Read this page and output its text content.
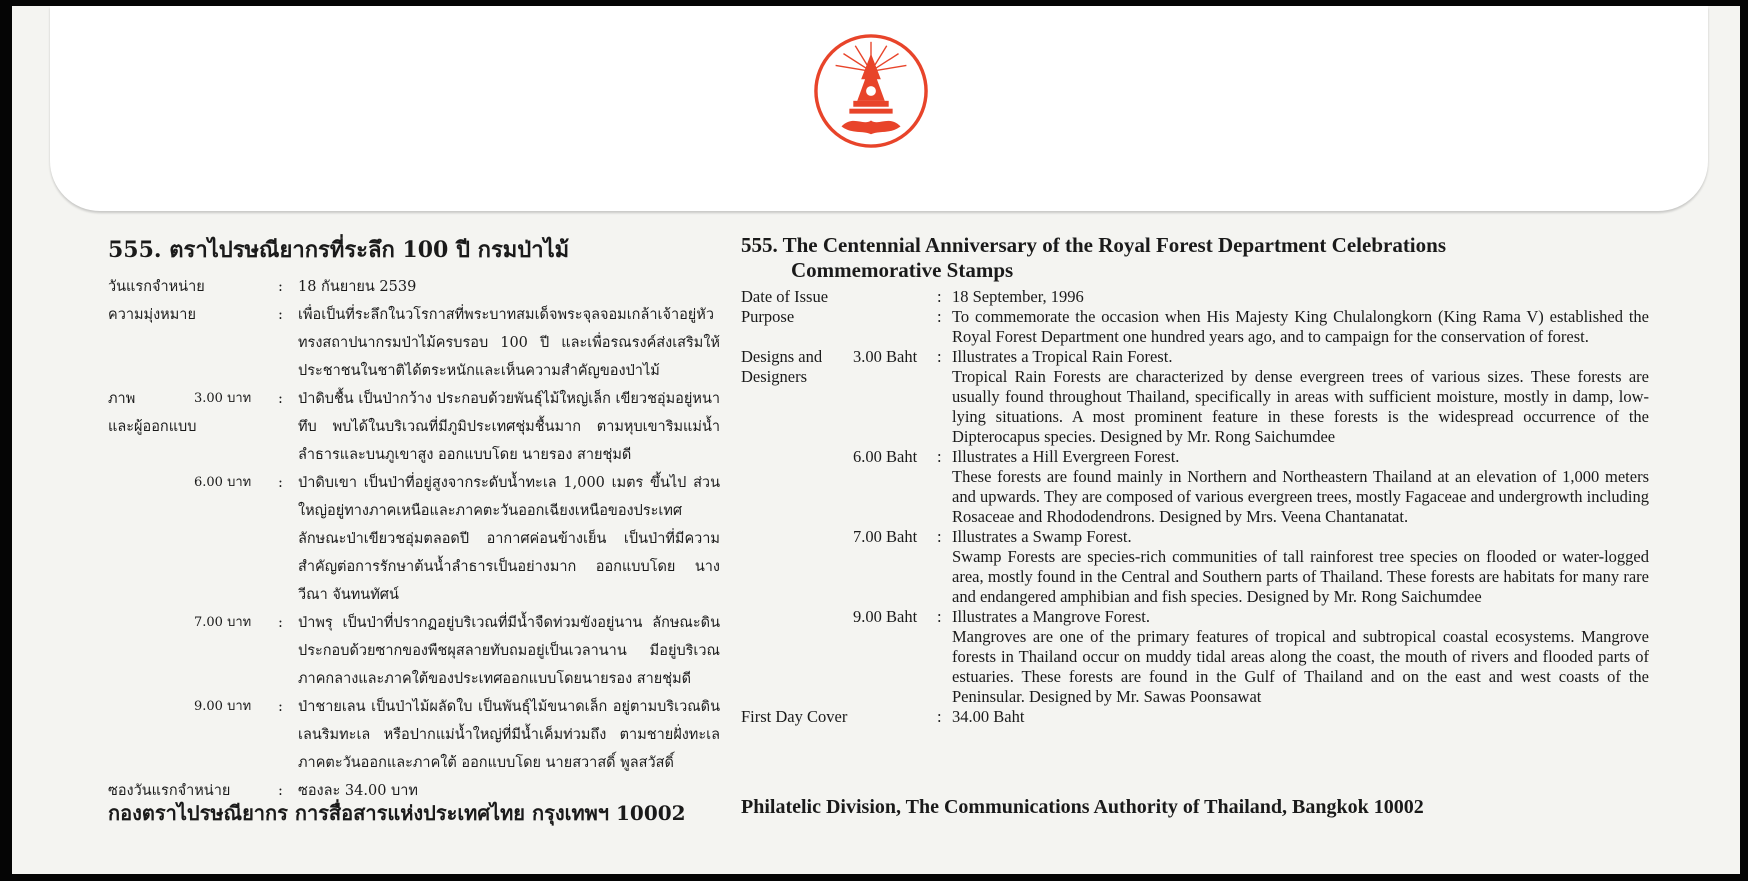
555. ตราไปรษณียากรที่ระลึก 100 ปี กรมป่าไม้
วันแรกจำหน่าย	: 18 กันยายน 2539
ความมุ่งหมาย	: เพื่อเป็นที่ระลึกในวโรกาสที่พระบาทสมเด็จพระจุลจอมเกล้าเจ้าอยู่หัวทรงสถาปนากรมป่าไม้ครบรอบ 100 ปี และเพื่อรณรงค์ส่งเสริมให้ประชาชนในชาติได้ตระหนักและเห็นความสำคัญของป่าไม้
ภาพ
และผู้ออกแบบ
3.00 บาท : ป่าดิบชื้น เป็นป่ากว้าง ประกอบด้วยพันธุ์ไม้ใหญ่เล็ก เขียวชอุ่มอยู่หนาทึบ พบได้ในบริเวณที่มีภูมิประเทศชุ่มชื้นมาก ตามหุบเขาริมแม่น้ำลำธารและบนภูเขาสูง ออกแบบโดย นายรอง สายชุ่มดี
6.00 บาท : ป่าดิบเขา เป็นป่าที่อยู่สูงจากระดับน้ำทะเล 1,000 เมตร ขึ้นไป ส่วนใหญ่อยู่ทางภาคเหนือและภาคตะวันออกเฉียงเหนือของประเทศ ลักษณะป่าเขียวชอุ่มตลอดปี อากาศค่อนข้างเย็น เป็นป่าที่มีความสำคัญต่อการรักษาต้นน้ำลำธารเป็นอย่างมาก ออกแบบโดย นางวีณา จันทนทัศน์
7.00 บาท : ป่าพรุ เป็นป่าที่ปรากฏอยู่บริเวณที่มีน้ำจืดท่วมขังอยู่นาน ลักษณะดินประกอบด้วยซากของพืชผุสลายทับถมอยู่เป็นเวลานาน มีอยู่บริเวณภาคกลางและภาคใต้ของประเทศออกแบบโดยนายรอง สายชุ่มดี
9.00 บาท : ป่าชายเลน เป็นป่าไม้ผลัดใบ เป็นพันธุ์ไม้ขนาดเล็ก อยู่ตามบริเวณดินเลนริมทะเล หรือปากแม่น้ำใหญ่ที่มีน้ำเค็มท่วมถึง ตามชายฝั่งทะเลภาคตะวันออกและภาคใต้ ออกแบบโดย นายสวาสดิ์ พูลสวัสดิ์
ซองวันแรกจำหน่าย	: ซองละ 34.00 บาท
กองตราไปรษณียากร การสื่อสารแห่งประเทศไทย กรุงเทพฯ 10002
555. The Centennial Anniversary of the Royal Forest Department Celebrations
Commemorative Stamps
Date of Issue	: 18 September, 1996
Purpose	: To commemorate the occasion when His Majesty King Chulalongkorn (King Rama V) established the Royal Forest Department one hundred years ago, and to campaign for the conservation of forest.
Designs and
Designers
3.00 Baht : Illustrates a Tropical Rain Forest.
Tropical Rain Forests are characterized by dense evergreen trees of various sizes. These forests are usually found throughout Thailand, specifically in areas with sufficient moisture, mostly in damp, low-lying situations. A most prominent feature in these forests is the widespread occurrence of the Dipterocapus species. Designed by Mr. Rong Saichumdee
6.00 Baht : Illustrates a Hill Evergreen Forest.
These forests are found mainly in Northern and Northeastern Thailand at an elevation of 1,000 meters and upwards. They are composed of various evergreen trees, mostly Fagaceae and undergrowth including Rosaceae and Rhododendrons. Designed by Mrs. Veena Chantanatat.
7.00 Baht : Illustrates a Swamp Forest.
Swamp Forests are species-rich communities of tall rainforest tree species on flooded or water-logged area, mostly found in the Central and Southern parts of Thailand. These forests are habitats for many rare and endangered amphibian and fish species. Designed by Mr. Rong Saichumdee
9.00 Baht : Illustrates a Mangrove Forest.
Mangroves are one of the primary features of tropical and subtropical coastal ecosystems. Mangrove forests in Thailand occur on muddy tidal areas along the coast, the mouth of rivers and flooded parts of estuaries. These forests are found in the Gulf of Thailand and on the east and west coasts of the Peninsular. Designed by Mr. Sawas Poonsawat
First Day Cover	: 34.00 Baht
Philatelic Division, The Communications Authority of Thailand, Bangkok 10002
